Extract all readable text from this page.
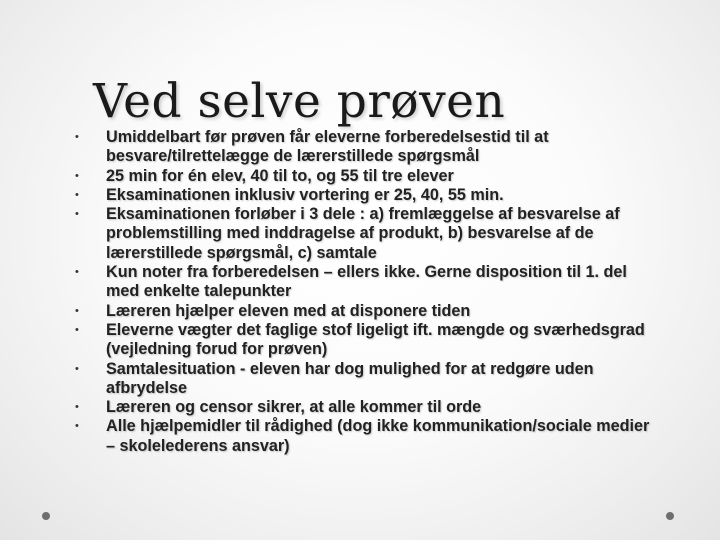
Ved selve prøven
• Umiddelbart før prøven får eleverne forberedelsestid til at besvare/tilrettelægge de lærerstillede spørgsmål
• 25 min for én elev, 40 til to, og 55 til tre elever
• Eksaminationen inklusiv vortering er 25, 40, 55 min.
• Eksaminationen forløber i 3 dele : a) fremlæggelse af besvarelse af problemstilling med inddragelse af produkt, b) besvarelse af de lærerstillede spørgsmål, c) samtale
• Kun noter fra forberedelsen – ellers ikke. Gerne disposition til 1. del med enkelte talepunkter
• Læreren hjælper eleven med at disponere tiden
• Eleverne vægter det faglige stof ligeligt ift. mængde og sværhedsgrad (vejledning forud for prøven)
• Samtalesituation - eleven har dog mulighed for at redgøre uden afbrydelse
• Læreren og censor sikrer, at alle kommer til orde
• Alle hjælpemidler til rådighed (dog ikke kommunikation/sociale medier – skolelederens ansvar)
